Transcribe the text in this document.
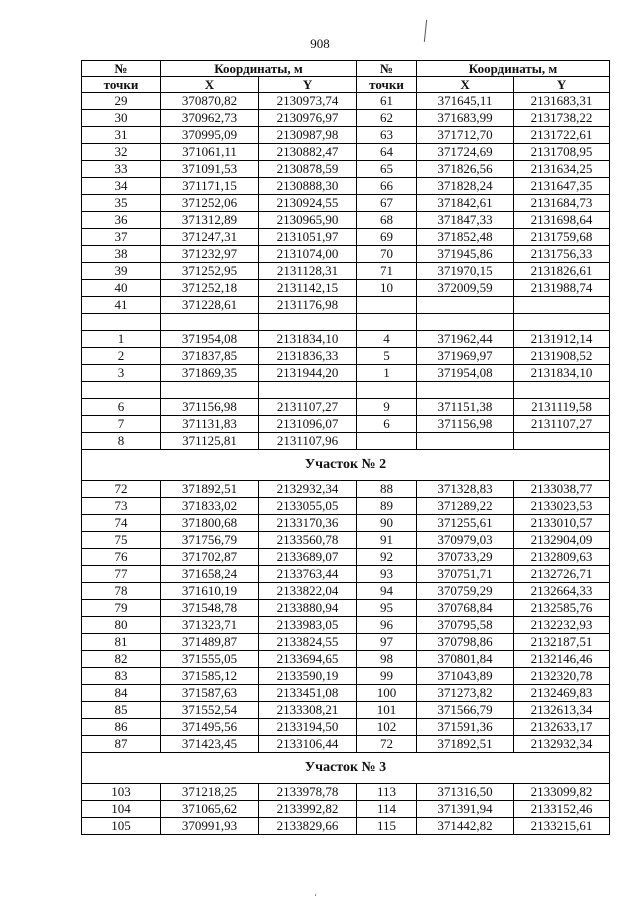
908
،
№	Координаты, м		№	Координаты, м	
точки	X	Y	точки	X	Y
29	370870,82	2130973,74	61	371645,11	2131683,31
30	370962,73	2130976,97	62	371683,99	2131738,22
31	370995,09	2130987,98	63	371712,70	2131722,61
32	371061,11	2130882,47	64	371724,69	2131708,95
33	371091,53	2130878,59	65	371826,56	2131634,25
34	371171,15	2130888,30	66	371828,24	2131647,35
35	371252,06	2130924,55	67	371842,61	2131684,73
36	371312,89	2130965,90	68	371847,33	2131698,64
37	371247,31	2131051,97	69	371852,48	2131759,68
38	371232,97	2131074,00	70	371945,86	2131756,33
39	371252,95	2131128,31	71	371970,15	2131826,61
40	371252,18	2131142,15	10	372009,59	2131988,74
41	371228,61	2131176,98			

1	371954,08	2131834,10	4	371962,44	2131912,14
2	371837,85	2131836,33	5	371969,97	2131908,52
3	371869,35	2131944,20	1	371954,08	2131834,10

6	371156,98	2131107,27	9	371151,38	2131119,58
7	371131,83	2131096,07	6	371156,98	2131107,27
8	371125,81	2131107,96			
Участок № 2					
72	371892,51	2132932,34	88	371328,83	2133038,77
73	371833,02	2133055,05	89	371289,22	2133023,53
74	371800,68	2133170,36	90	371255,61	2133010,57
75	371756,79	2133560,78	91	370979,03	2132904,09
76	371702,87	2133689,07	92	370733,29	2132809,63
77	371658,24	2133763,44	93	370751,71	2132726,71
78	371610,19	2133822,04	94	370759,29	2132664,33
79	371548,78	2133880,94	95	370768,84	2132585,76
80	371323,71	2133983,05	96	370795,58	2132232,93
81	371489,87	2133824,55	97	370798,86	2132187,51
82	371555,05	2133694,65	98	370801,84	2132146,46
83	371585,12	2133590,19	99	371043,89	2132320,78
84	371587,63	2133451,08	100	371273,82	2132469,83
85	371552,54	2133308,21	101	371566,79	2132613,34
86	371495,56	2133194,50	102	371591,36	2132633,17
87	371423,45	2133106,44	72	371892,51	2132932,34
Участок № 3					
103	371218,25	2133978,78	113	371316,50	2133099,82
104	371065,62	2133992,82	114	371391,94	2133152,46
105	370991,93	2133829,66	115	371442,82	2133215,61
